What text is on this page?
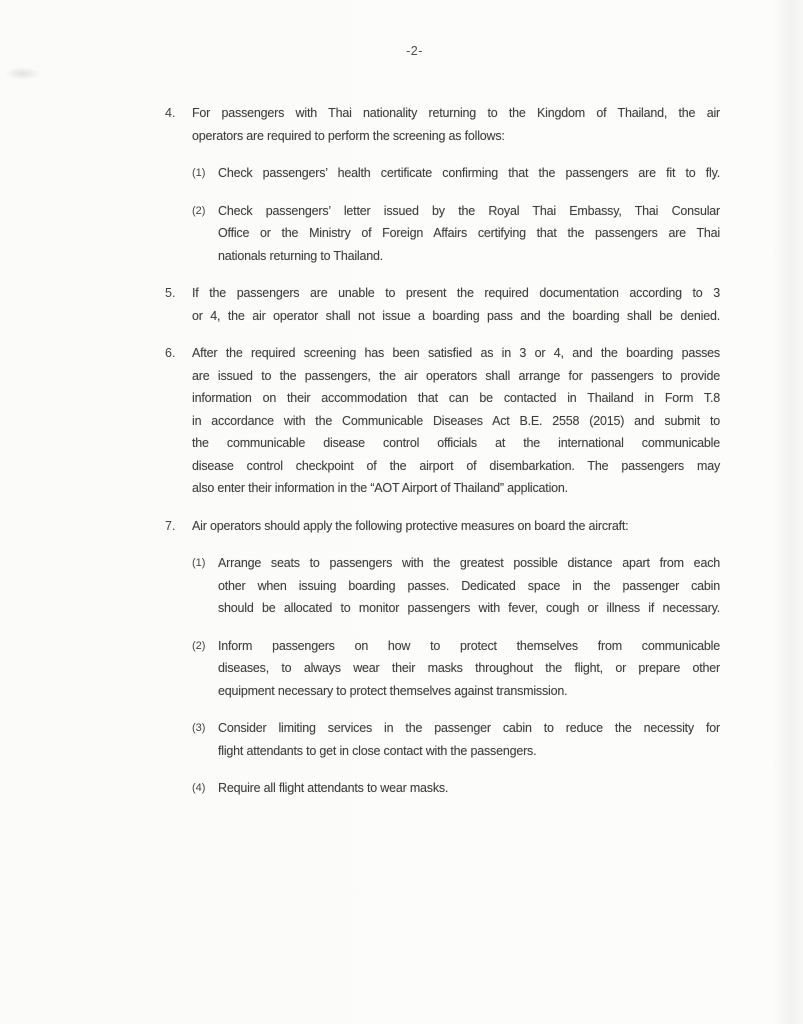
-2-
4.	For passengers with Thai nationality returning to the Kingdom of Thailand, the air
operators are required to perform the screening as follows:

(1)	Check passengers’ health certificate confirming that the passengers are fit to fly.
(2)	Check passengers’ letter issued by the Royal Thai Embassy, Thai Consular
Office or the Ministry of Foreign Affairs certifying that the passengers are Thai
nationals returning to Thailand.
5.	If the passengers are unable to present the required documentation according to 3
or 4, the air operator shall not issue a boarding pass and the boarding shall be denied.

6.	After the required screening has been satisfied as in 3 or 4, and the boarding passes
are issued to the passengers, the air operators shall arrange for passengers to provide
information on their accommodation that can be contacted in Thailand in Form T.8
in accordance with the Communicable Diseases Act B.E. 2558 (2015) and submit to
the communicable disease control officials at the international communicable
disease control checkpoint of the airport of disembarkation. The passengers may
also enter their information in the “AOT Airport of Thailand” application.

7.	Air operators should apply the following protective measures on board the aircraft:

(1)	Arrange seats to passengers with the greatest possible distance apart from each
other when issuing boarding passes. Dedicated space in the passenger cabin
should be allocated to monitor passengers with fever, cough or illness if necessary.
(2)	Inform passengers on how to protect themselves from communicable
diseases, to always wear their masks throughout the flight, or prepare other
equipment necessary to protect themselves against transmission.
(3)	Consider limiting services in the passenger cabin to reduce the necessity for
flight attendants to get in close contact with the passengers.
(4)	Require all flight attendants to wear masks.
